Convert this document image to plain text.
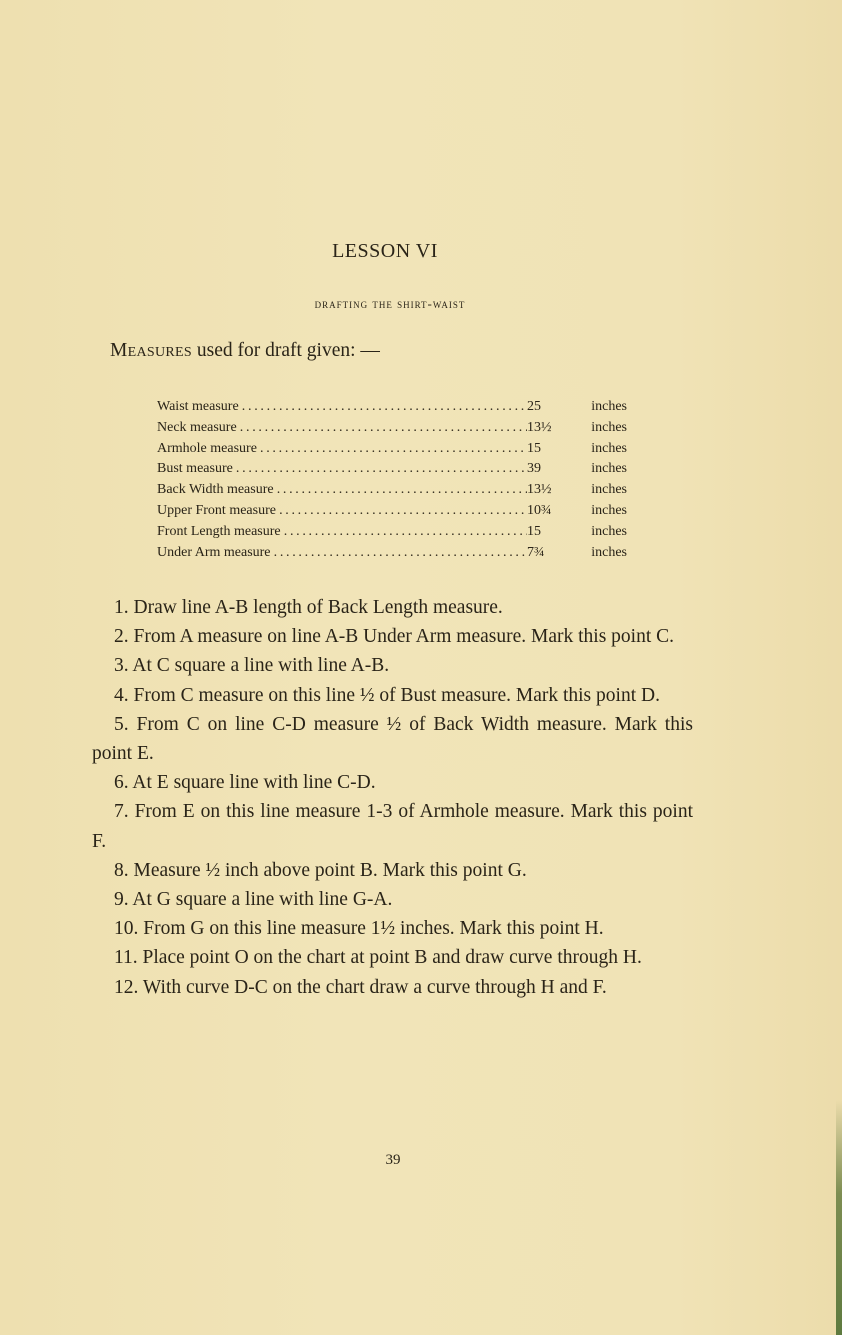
LESSON VI
drafting the shirt-waist
Measures used for draft given: —
Waist measure . . .	25	inches
Neck measure . . .	13½	inches
Armhole measure . . .	15	inches
Bust measure . . .	39	inches
Back Width measure . . .	13½	inches
Upper Front measure . . .	10¾	inches
Front Length measure . . .	15	inches
Under Arm measure . . .	7¾	inches

1. Draw line A-B length of Back Length measure.

2. From A measure on line A-B Under Arm measure. Mark this point C.

3. At C square a line with line A-B.

4. From C measure on this line ½ of Bust measure. Mark this point D.

5. From C on line C-D measure ½ of Back Width measure. Mark this point E.

6. At E square line with line C-D.

7. From E on this line measure 1-3 of Armhole measure. Mark this point F.

8. Measure ½ inch above point B. Mark this point G.

9. At G square a line with line G-A.

10. From G on this line measure 1½ inches. Mark this point H.

11. Place point O on the chart at point B and draw curve through H.

12. With curve D-C on the chart draw a curve through H and F.

39
